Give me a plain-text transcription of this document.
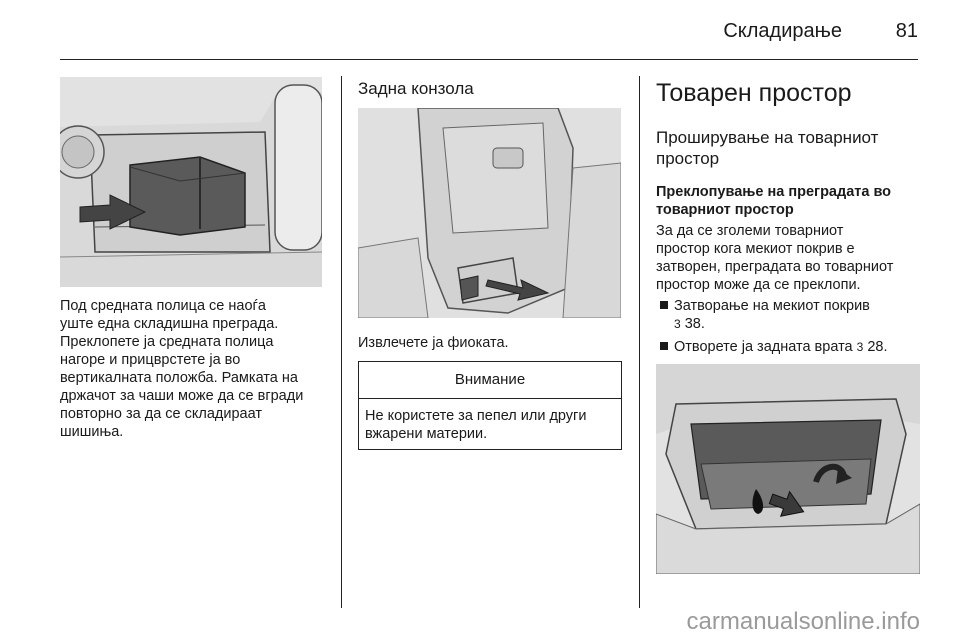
Складирање	81

Под средната полица се наоѓа
уште една складишна преграда.
Преклопете ја средната полица
нагоре и прицврстете ја во
вертикалната положба. Рамката на
држачот за чаши може да се вгради
повторно за да се складираат
шишиња.

Задна конзола
Извлечете ја фиоката.
Внимание
Не користете за пепел или други
вжарени материи.
Товарен простор
Проширување на товарниот
простор
Преклопување на преградата во
товарниот простор
За да се зголеми товарниот
простор кога мекиот покрив е
затворен, преградата во товарниот
простор може да се преклопи.
Затворање на мекиот покрив
3 38.
Отворете ја задната врата 3 28.
carmanualsonline.info
